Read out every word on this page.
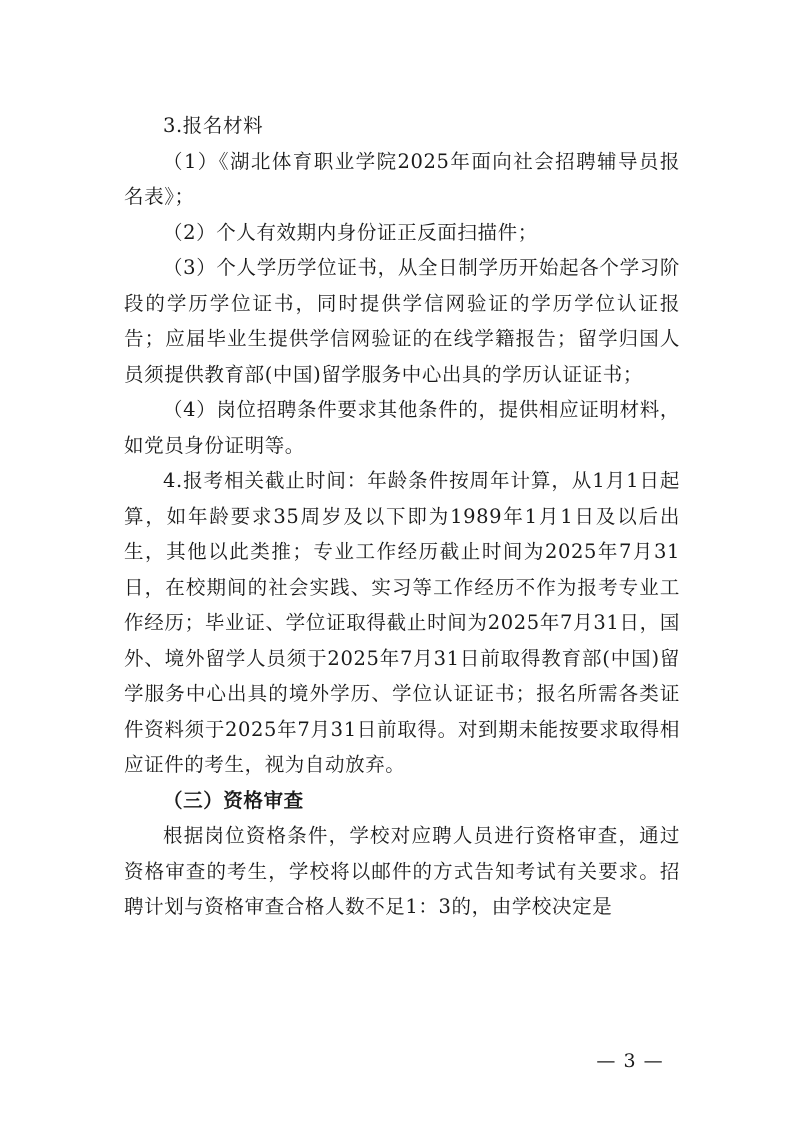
3.报名材料

（1）《湖北体育职业学院2025年面向社会招聘辅导员报名表》；

（2）个人有效期内身份证正反面扫描件；

（3）个人学历学位证书，从全日制学历开始起各个学习阶段的学历学位证书，同时提供学信网验证的学历学位认证报告；应届毕业生提供学信网验证的在线学籍报告；留学归国人员须提供教育部(中国)留学服务中心出具的学历认证证书；

（4）岗位招聘条件要求其他条件的，提供相应证明材料，如党员身份证明等。

4.报考相关截止时间：年龄条件按周年计算，从1月1日起算，如年龄要求35周岁及以下即为1989年1月1日及以后出生，其他以此类推；专业工作经历截止时间为2025年7月31日，在校期间的社会实践、实习等工作经历不作为报考专业工作经历；毕业证、学位证取得截止时间为2025年7月31日，国外、境外留学人员须于2025年7月31日前取得教育部(中国)留学服务中心出具的境外学历、学位认证证书；报名所需各类证件资料须于2025年7月31日前取得。对到期未能按要求取得相应证件的考生，视为自动放弃。

（三）资格审查

根据岗位资格条件，学校对应聘人员进行资格审查，通过资格审查的考生，学校将以邮件的方式告知考试有关要求。招聘计划与资格审查合格人数不足1：3的，由学校决定是

— 3 —
